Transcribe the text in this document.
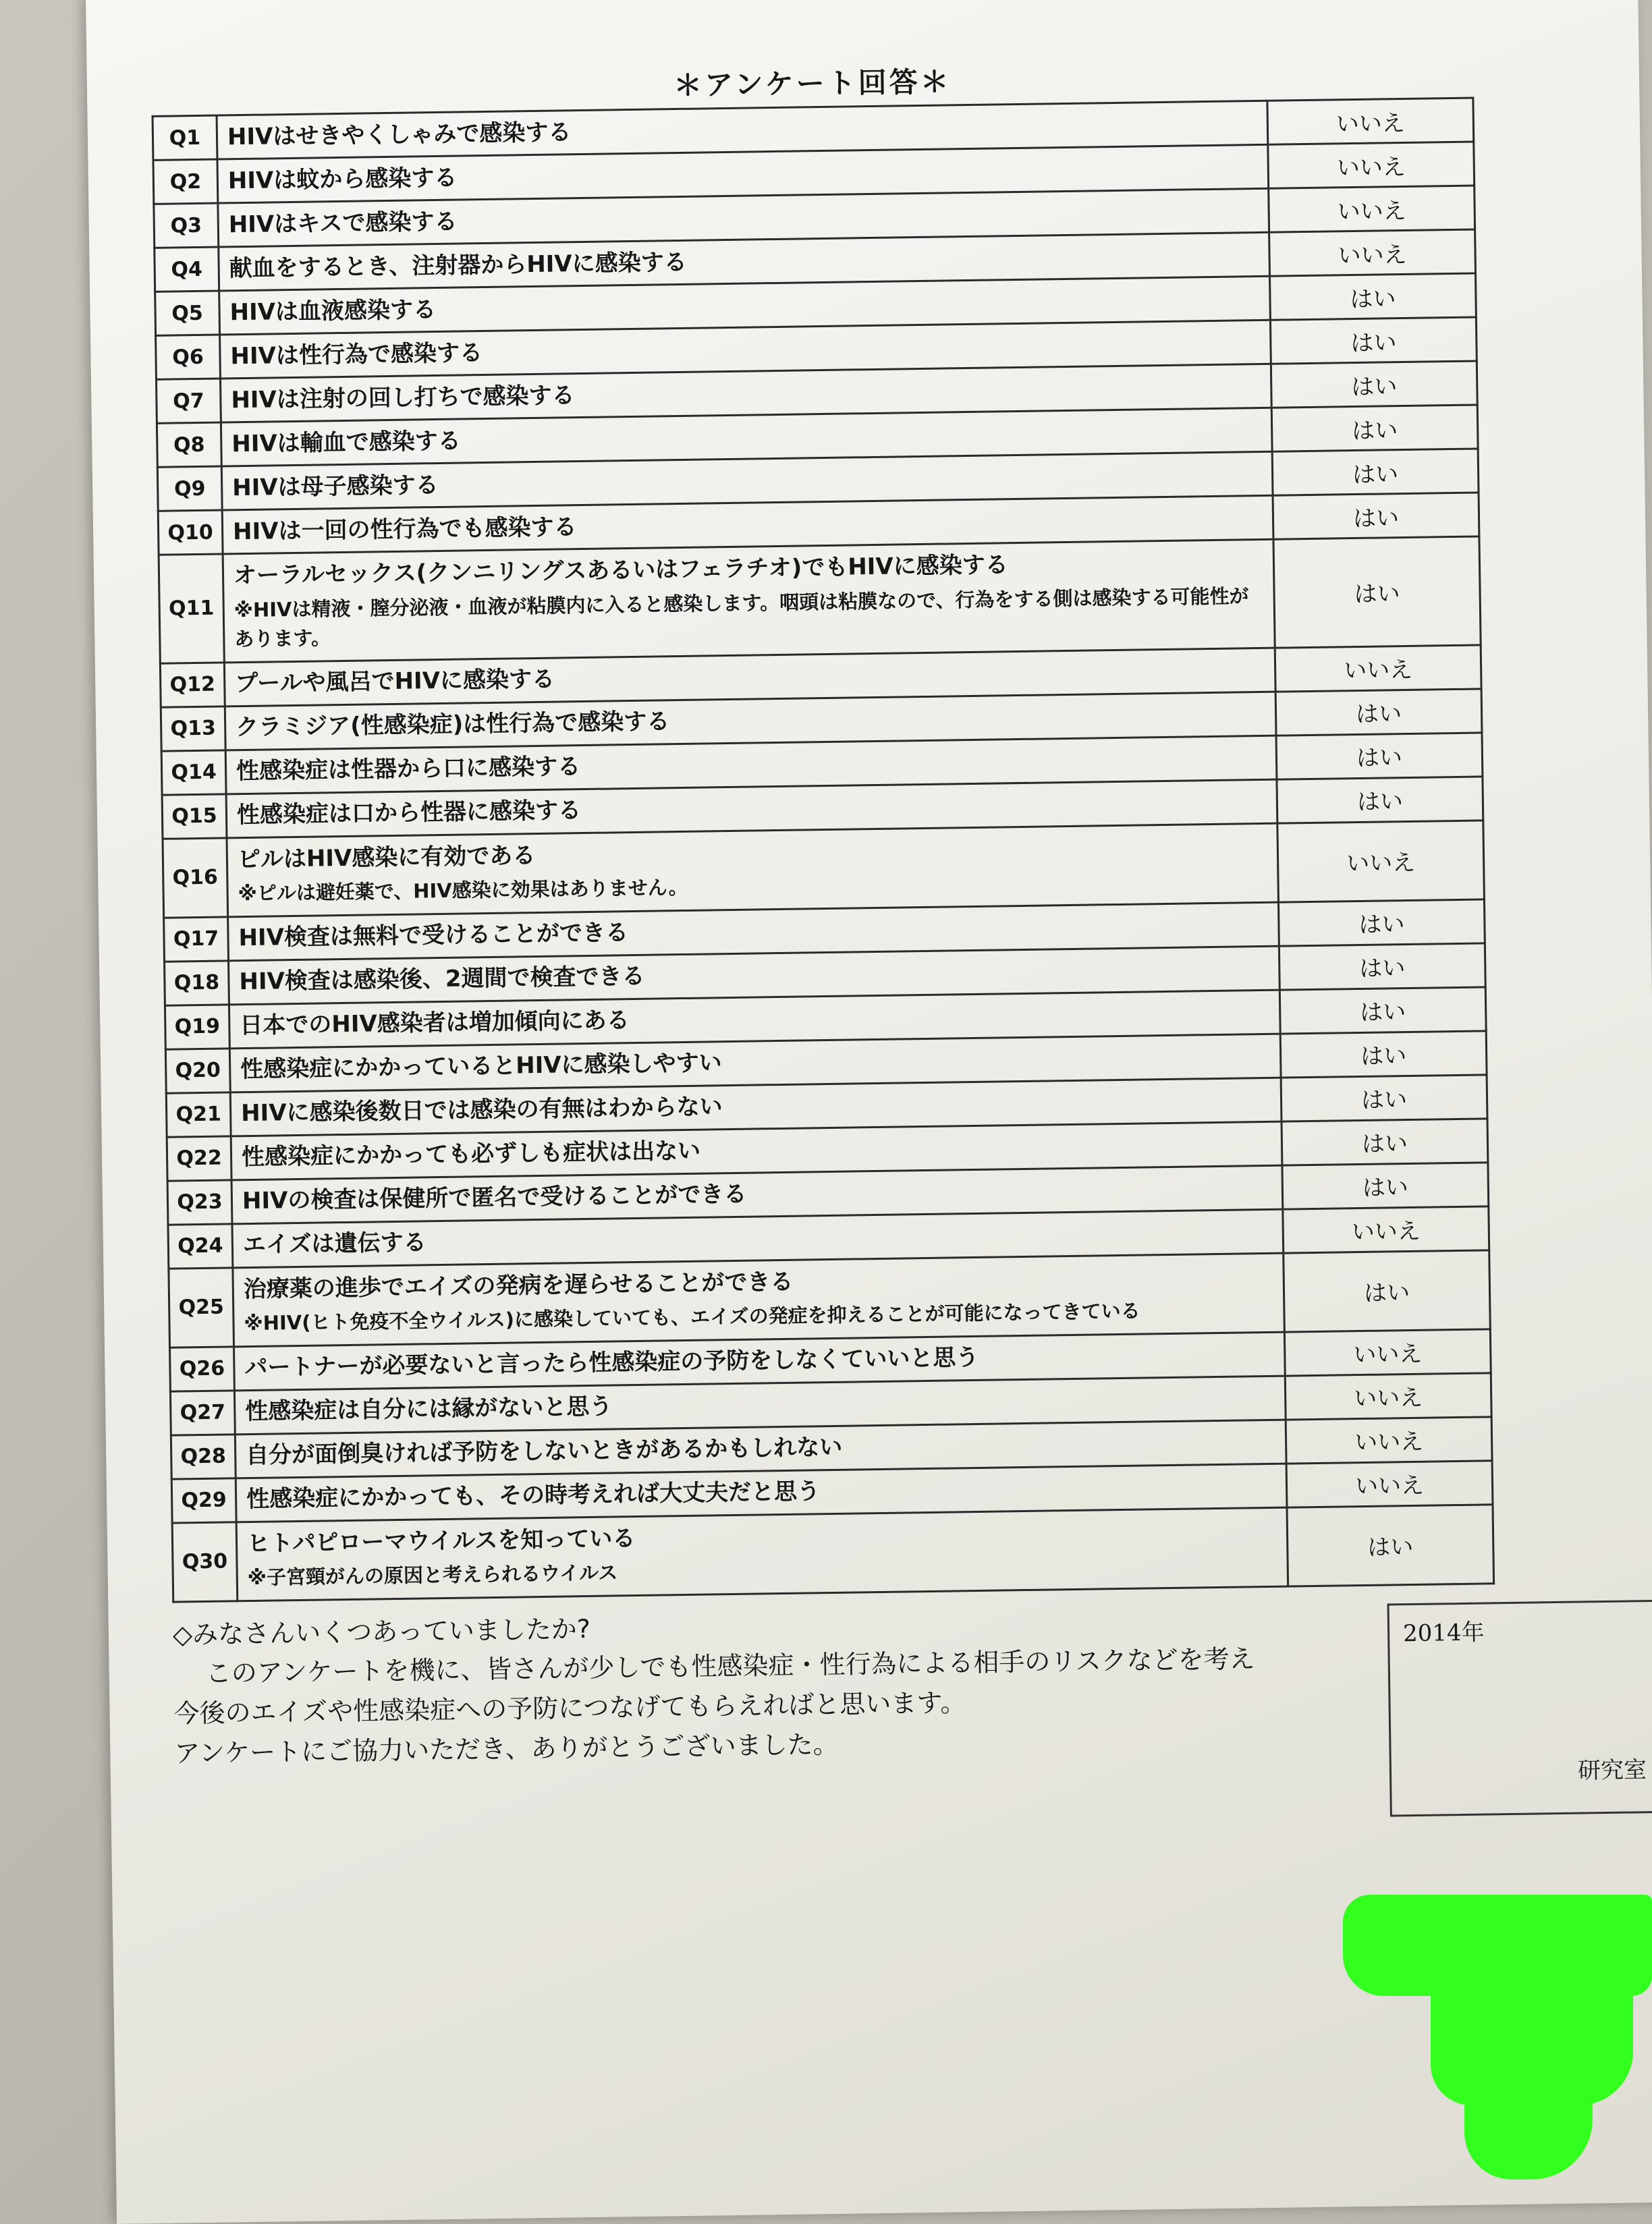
＊アンケート回答＊
Q1	HIVはせきやくしゃみで感染する	いいえ
Q2	HIVは蚊から感染する	いいえ
Q3	HIVはキスで感染する	いいえ
Q4	献血をするとき、注射器からHIVに感染する	いいえ
Q5	HIVは血液感染する	はい
Q6	HIVは性行為で感染する	はい
Q7	HIVは注射の回し打ちで感染する	はい
Q8	HIVは輸血で感染する	はい
Q9	HIVは母子感染する	はい
Q10	HIVは一回の性行為でも感染する	はい
Q11	オーラルセックス(クンニリングスあるいはフェラチオ)でもHIVに感染する
※HIVは精液・膣分泌液・血液が粘膜内に入ると感染します。咽頭は粘膜なので、行為をする側は感染する可能性があります。	はい
Q12	プールや風呂でHIVに感染する	いいえ
Q13	クラミジア(性感染症)は性行為で感染する	はい
Q14	性感染症は性器から口に感染する	はい
Q15	性感染症は口から性器に感染する	はい
Q16	ピルはHIV感染に有効である
※ピルは避妊薬で、HIV感染に効果はありません。	いいえ
Q17	HIV検査は無料で受けることができる	はい
Q18	HIV検査は感染後、2週間で検査できる	はい
Q19	日本でのHIV感染者は増加傾向にある	はい
Q20	性感染症にかかっているとHIVに感染しやすい	はい
Q21	HIVに感染後数日では感染の有無はわからない	はい
Q22	性感染症にかかっても必ずしも症状は出ない	はい
Q23	HIVの検査は保健所で匿名で受けることができる	はい
Q24	エイズは遺伝する	いいえ
Q25	治療薬の進歩でエイズの発病を遅らせることができる
※HIV(ヒト免疫不全ウイルス)に感染していても、エイズの発症を抑えることが可能になってきている	はい
Q26	パートナーが必要ないと言ったら性感染症の予防をしなくていいと思う	いいえ
Q27	性感染症は自分には縁がないと思う	いいえ
Q28	自分が面倒臭ければ予防をしないときがあるかもしれない	いいえ
Q29	性感染症にかかっても、その時考えれば大丈夫だと思う	いいえ
Q30	ヒトパピローマウイルスを知っている
※子宮頸がんの原因と考えられるウイルス	はい
◇みなさんいくつあっていましたか?
このアンケートを機に、皆さんが少しでも性感染症・性行為による相手のリスクなどを考え
今後のエイズや性感染症への予防につなげてもらえればと思います。
アンケートにご協力いただき、ありがとうございました。
2014年
研究室
